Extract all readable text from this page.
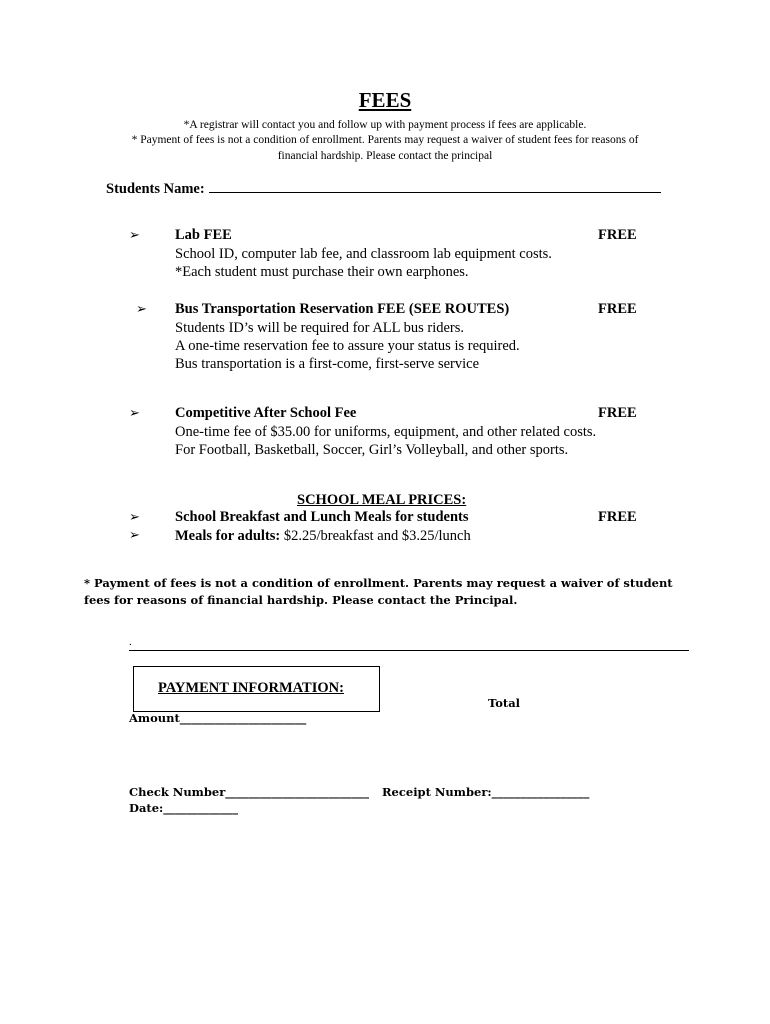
FEES
*A registrar will contact you and follow up with payment process if fees are applicable.
* Payment of fees is not a condition of enrollment. Parents may request a waiver of student fees for reasons of
financial hardship. Please contact the principal
Students Name:
➢ Lab FEE	FREE
School ID, computer lab fee, and classroom lab equipment costs.
*Each student must purchase their own earphones.
➢ Bus Transportation Reservation FEE (SEE ROUTES)	FREE
Students ID’s will be required for ALL bus riders.
A one-time reservation fee to assure your status is required.
Bus transportation is a first-come, first-serve service
➢ Competitive After School Fee	FREE
One-time fee of $35.00 for uniforms, equipment, and other related costs.
For Football, Basketball, Soccer, Girl’s Volleyball, and other sports.
SCHOOL MEAL PRICES:
➢ School Breakfast and Lunch Meals for students	FREE
➢ Meals for adults: $2.25/breakfast and $3.25/lunch
* Payment of fees is not a condition of enrollment. Parents may request a waiver of student fees for reasons of financial hardship. Please contact the Principal.
.
PAYMENT INFORMATION:
Total
Amount______________________
Check Number_________________________ Receipt Number:_________________
Date:_____________
